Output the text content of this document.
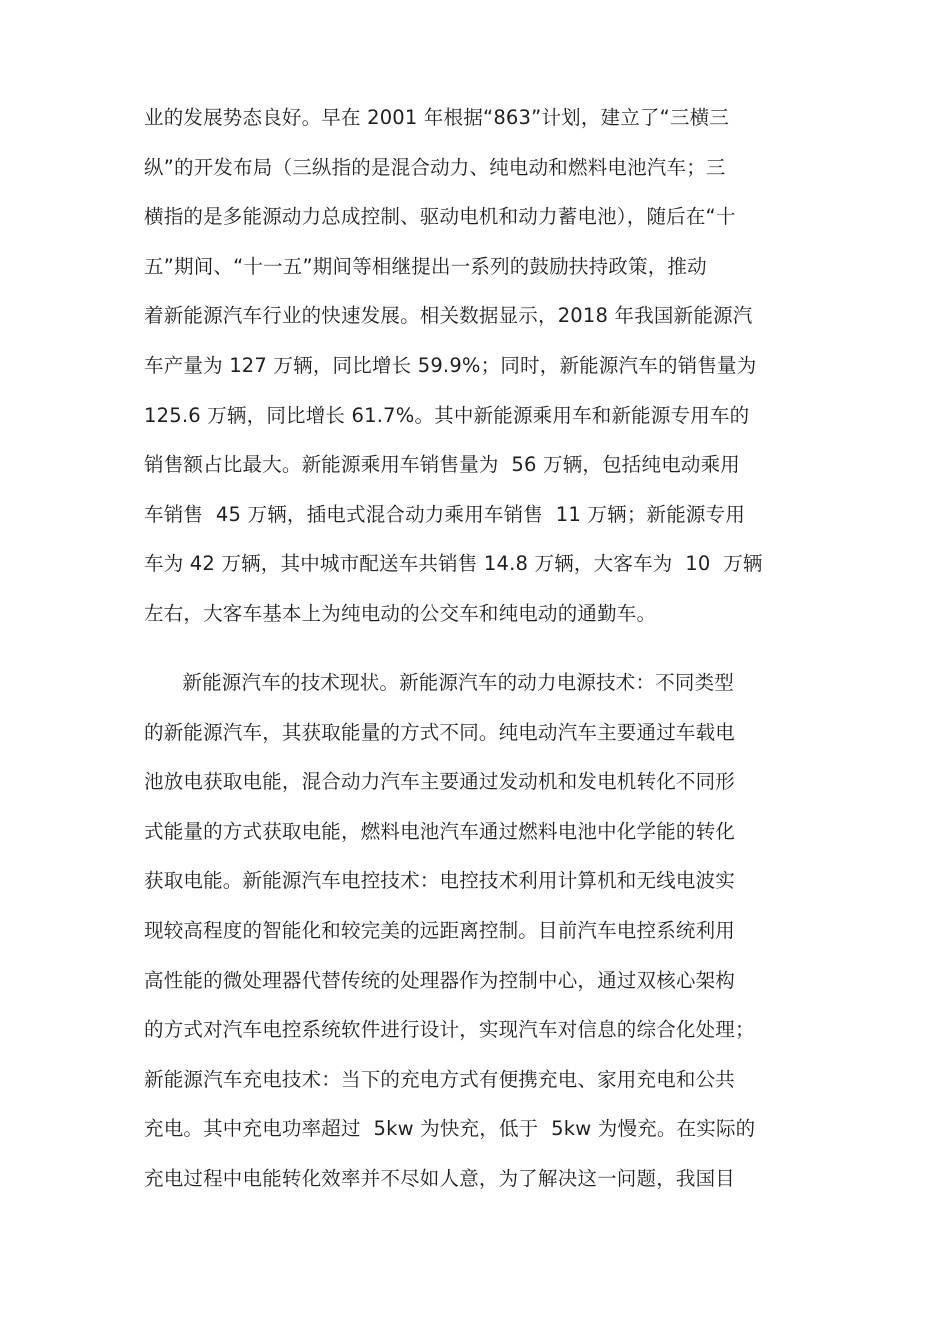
业的发展势态良好。早在 2001 年根据“863”计划，建立了“三横三
纵”的开发布局（三纵指的是混合动力、纯电动和燃料电池汽车；三
横指的是多能源动力总成控制、驱动电机和动力蓄电池），随后在“十
五”期间、“十一五”期间等相继提出一系列的鼓励扶持政策，推动
着新能源汽车行业的快速发展。相关数据显示，2018 年我国新能源汽
车产量为 127 万辆，同比增长 59.9%；同时，新能源汽车的销售量为
125.6 万辆，同比增长 61.7%。其中新能源乘用车和新能源专用车的
销售额占比最大。新能源乘用车销售量为  56 万辆，包括纯电动乘用
车销售  45 万辆，插电式混合动力乘用车销售  11 万辆；新能源专用
车为 42 万辆，其中城市配送车共销售 14.8 万辆，大客车为  10  万辆
左右，大客车基本上为纯电动的公交车和纯电动的通勤车。
新能源汽车的技术现状。新能源汽车的动力电源技术：不同类型
的新能源汽车，其获取能量的方式不同。纯电动汽车主要通过车载电
池放电获取电能，混合动力汽车主要通过发动机和发电机转化不同形
式能量的方式获取电能，燃料电池汽车通过燃料电池中化学能的转化
获取电能。新能源汽车电控技术：电控技术利用计算机和无线电波实
现较高程度的智能化和较完美的远距离控制。目前汽车电控系统利用
高性能的微处理器代替传统的处理器作为控制中心，通过双核心架构
的方式对汽车电控系统软件进行设计，实现汽车对信息的综合化处理；
新能源汽车充电技术：当下的充电方式有便携充电、家用充电和公共
充电。其中充电功率超过  5kw 为快充，低于  5kw 为慢充。在实际的
充电过程中电能转化效率并不尽如人意，为了解决这一问题，我国目
